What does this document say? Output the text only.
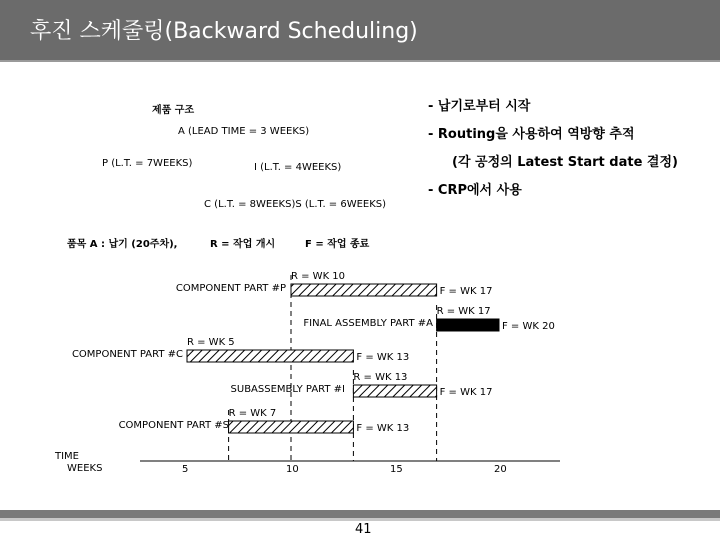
후진 스케줄링(Backward Scheduling)
- 납기로부터 시작
- Routing을 사용하여 역방향 추적
(각 공정의 Latest Start date 결정)
- CRP에서 사용
제품 구조
A (LEAD TIME = 3 WEEKS)
P (L.T. = 7WEEKS)	I (L.T. = 4WEEKS)
C (L.T. = 8WEEKS)S (L.T. = 6WEEKS)
품목 A : 납기 (20주차),	R = 작업 개시	F = 작업 종료
COMPONENT PART #P
R = WK 10
F = WK 17
FINAL ASSEMBLY PART #A
R = WK 17
F = WK 20
COMPONENT PART #C
R = WK 5
F = WK 13
SUBASSEMBLY PART #I
R = WK 13
F = WK 17
COMPONENT PART #S
R = WK 7
F = WK 13
5	10	15	20
TIME
WEEKS
41
